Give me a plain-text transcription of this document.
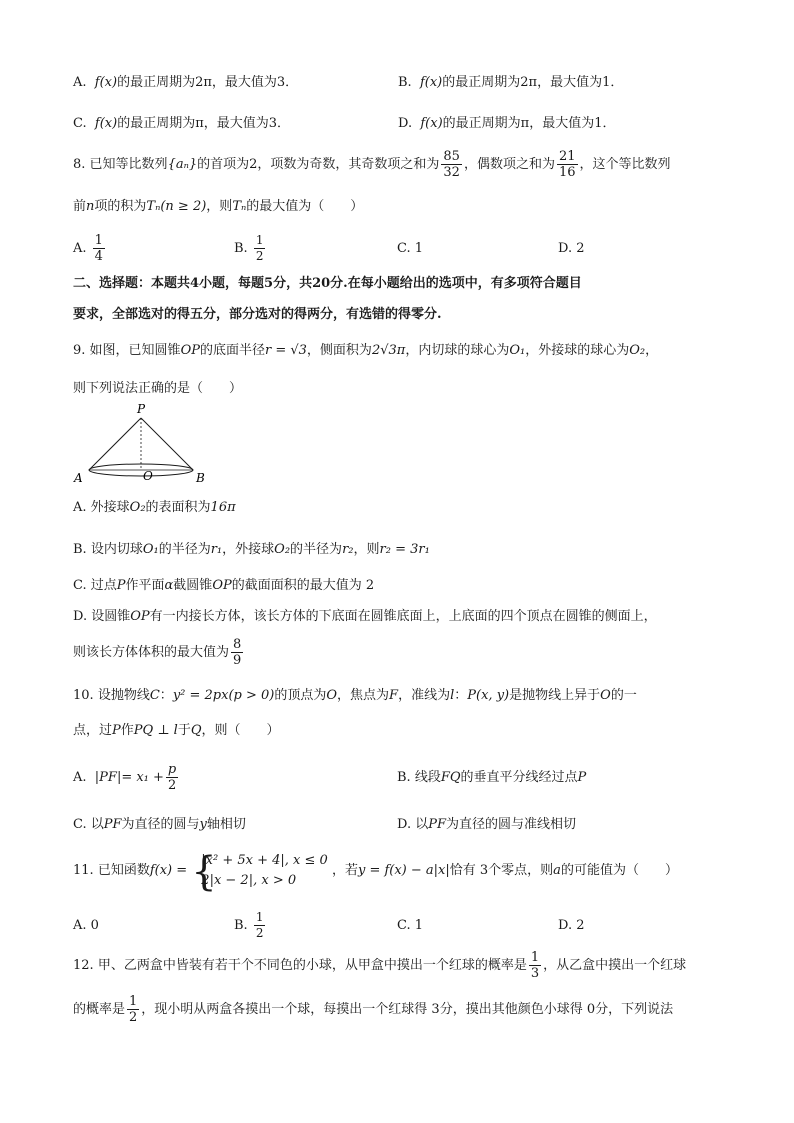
A. f(x)的最正周期为2π，最大值为3．	B. f(x)的最正周期为2π，最大值为1．
C. f(x)的最正周期为π，最大值为3．	D. f(x)的最正周期为π，最大值为1．
8. 已知等比数列{aₙ}的首项为2，项数为奇数，其奇数项之和为 $\frac{85}{32}$ ，偶数项之和为 $\frac{21}{16}$ ，这个等比数列
前n项的积为Tₙ(n ≥ 2)，则Tₙ的最大值为（　　）
A. $\frac{1}{4}$	B. $\frac{1}{2}$	C. 1	D. 2
二、选择题：本题共4小题，每题5分，共20分.在每小题给出的选项中，有多项符合题目
要求，全部选对的得五分，部分选对的得两分，有选错的得零分.
9. 如图，已知圆锥OP的底面半径r = √3，侧面积为2√3π，内切球的球心为O₁，外接球的球心为O₂，
则下列说法正确的是（　　）
P
A	O	B
A. 外接球O₂的表面积为16π
B. 设内切球O₁的半径为r₁，外接球O₂的半径为r₂，则r₂ = 3r₁
C. 过点P作平面α截圆锥OP的截面面积的最大值为 2
D. 设圆锥OP有一内接长方体，该长方体的下底面在圆锥底面上，上底面的四个顶点在圆锥的侧面上，
则该长方体体积的最大值为 $\frac{8}{9}$
10. 设抛物线C：y² = 2px(p > 0)的顶点为O，焦点为F，准线为l：P(x, y)是抛物线上异于O的一
点，过P作PQ ⊥ l于Q，则（　　）
A. $|PF|= x_1 + \frac{p}{2}$	B. 线段FQ的垂直平分线经过点P
C. 以PF为直径的圆与y轴相切	D. 以PF为直径的圆与准线相切
11. 已知函数f(x) = {
|x² + 5x + 4|, x ≤ 0
2|x − 2|, x > 0
，若y = f(x) − a|x|恰有 3个零点，则a的可能值为（　　）
A. 0	B. $\frac{1}{2}$	C. 1	D. 2
12. 甲、乙两盒中皆装有若干个不同色的小球，从甲盒中摸出一个红球的概率是 $\frac{1}{3}$ ，从乙盒中摸出一个红球
的概率是 $\frac{1}{2}$ ，现小明从两盒各摸出一个球，每摸出一个红球得 3分，摸出其他颜色小球得 0分，下列说法
